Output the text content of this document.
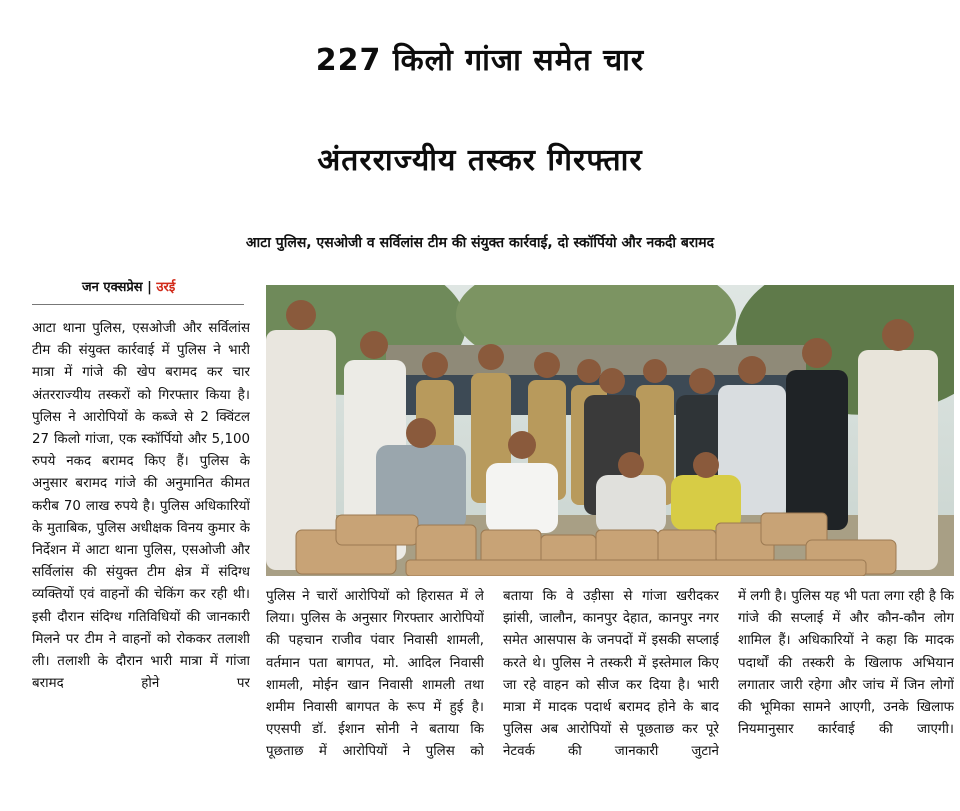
227 किलो गांजा समेत चार
अंतरराज्यीय तस्कर गिरफ्तार
आटा पुलिस, एसओजी व सर्विलांस टीम की संयुक्त कार्रवाई, दो स्कॉर्पियो और नकदी बरामद
जन एक्सप्रेस | उरई

आटा थाना पुलिस, एसओजी और सर्विलांस टीम की संयुक्त कार्रवाई में पुलिस ने भारी मात्रा में गांजे की खेप बरामद कर चार अंतरराज्यीय तस्करों को गिरफ्तार किया है। पुलिस ने आरोपियों के कब्जे से 2 क्विंटल 27 किलो गांजा, एक स्कॉर्पियो और 5,100 रुपये नकद बरामद किए हैं। पुलिस के अनुसार बरामद गांजे की अनुमानित कीमत करीब 70 लाख रुपये है। पुलिस अधिकारियों के मुताबिक, पुलिस अधीक्षक विनय कुमार के निर्देशन में आटा थाना पुलिस, एसओजी और सर्विलांस की संयुक्त टीम क्षेत्र में संदिग्ध व्यक्तियों एवं वाहनों की चेकिंग कर रही थी। इसी दौरान संदिग्ध गतिविधियों की जानकारी मिलने पर टीम ने वाहनों को रोककर तलाशी ली। तलाशी के दौरान भारी मात्रा में गांजा बरामद होने पर

पुलिस ने चारों आरोपियों को हिरासत में ले लिया। पुलिस के अनुसार गिरफ्तार आरोपियों की पहचान राजीव पंवार निवासी शामली, वर्तमान पता बागपत, मो. आदिल निवासी शामली, मोईन खान निवासी शामली तथा शमीम निवासी बागपत के रूप में हुई है।एएसपी डॉ. ईशान सोनी ने बताया कि पूछताछ में आरोपियों ने पुलिस को

बताया कि वे उड़ीसा से गांजा खरीदकर झांसी, जालौन, कानपुर देहात, कानपुर नगर समेत आसपास के जनपदों में इसकी सप्लाई करते थे। पुलिस ने तस्करी में इस्तेमाल किए जा रहे वाहन को सीज कर दिया है। भारी मात्रा में मादक पदार्थ बरामद होने के बाद पुलिस अब आरोपियों से पूछताछ कर पूरे नेटवर्क की जानकारी जुटाने

में लगी है। पुलिस यह भी पता लगा रही है कि गांजे की सप्लाई में और कौन-कौन लोग शामिल हैं। अधिकारियों ने कहा कि मादक पदार्थों की तस्करी के खिलाफ अभियान लगातार जारी रहेगा और जांच में जिन लोगों की भूमिका सामने आएगी, उनके खिलाफ नियमानुसार कार्रवाई की जाएगी।
